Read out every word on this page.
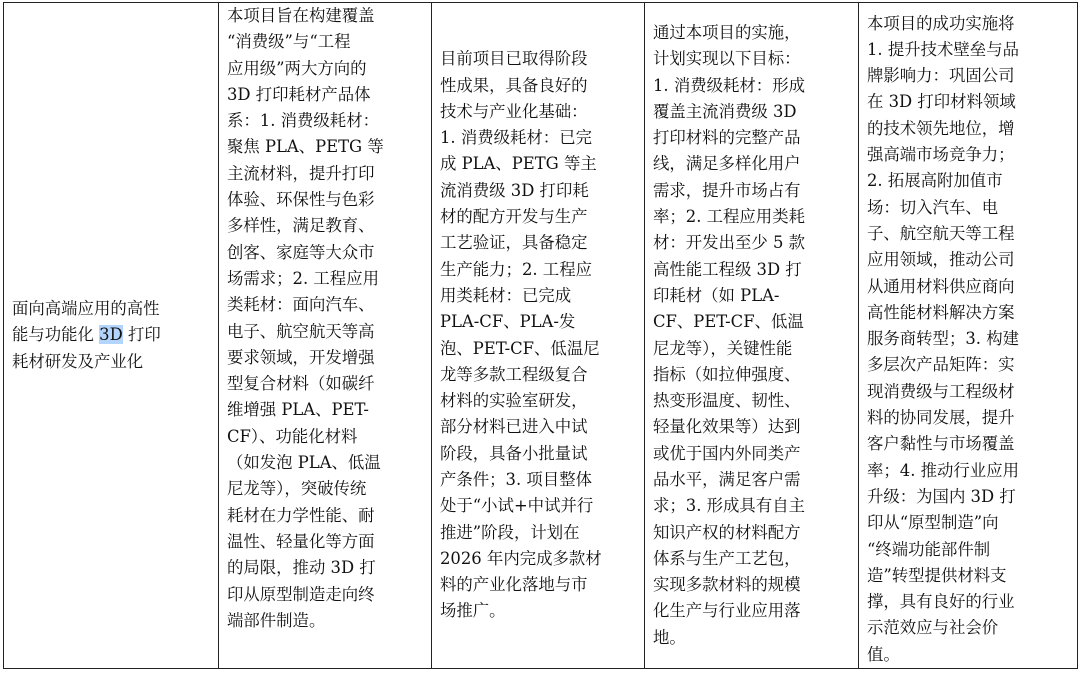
面向高端应用的高性
能与功能化 3D 打印
耗材研发及产业化	本项目旨在构建覆盖
“消费级”与“工程
应用级”两大方向的
3D 打印耗材产品体
系：1. 消费级耗材：
聚焦 PLA、PETG 等
主流材料，提升打印
体验、环保性与色彩
多样性，满足教育、
创客、家庭等大众市
场需求；2. 工程应用
类耗材：面向汽车、
电子、航空航天等高
要求领域，开发增强
型复合材料（如碳纤
维增强 PLA、PET-
CF）、功能化材料
（如发泡 PLA、低温
尼龙等），突破传统
耗材在力学性能、耐
温性、轻量化等方面
的局限，推动 3D 打
印从原型制造走向终
端部件制造。	目前项目已取得阶段
性成果，具备良好的
技术与产业化基础：
1. 消费级耗材：已完
成 PLA、PETG 等主
流消费级 3D 打印耗
材的配方开发与生产
工艺验证，具备稳定
生产能力；2. 工程应
用类耗材：已完成
PLA-CF、PLA-发
泡、PET-CF、低温尼
龙等多款工程级复合
材料的实验室研发，
部分材料已进入中试
阶段，具备小批量试
产条件；3. 项目整体
处于“小试+中试并行
推进”阶段，计划在
2026 年内完成多款材
料的产业化落地与市
场推广。	通过本项目的实施，
计划实现以下目标：
1. 消费级耗材：形成
覆盖主流消费级 3D
打印材料的完整产品
线，满足多样化用户
需求，提升市场占有
率；2. 工程应用类耗
材：开发出至少 5 款
高性能工程级 3D 打
印耗材（如 PLA-
CF、PET-CF、低温
尼龙等），关键性能
指标（如拉伸强度、
热变形温度、韧性、
轻量化效果等）达到
或优于国内外同类产
品水平，满足客户需
求；3. 形成具有自主
知识产权的材料配方
体系与生产工艺包，
实现多款材料的规模
化生产与行业应用落
地。	本项目的成功实施将
1. 提升技术壁垒与品
牌影响力：巩固公司
在 3D 打印材料领域
的技术领先地位，增
强高端市场竞争力；
2. 拓展高附加值市
场：切入汽车、电
子、航空航天等工程
应用领域，推动公司
从通用材料供应商向
高性能材料解决方案
服务商转型；3. 构建
多层次产品矩阵：实
现消费级与工程级材
料的协同发展，提升
客户黏性与市场覆盖
率；4. 推动行业应用
升级：为国内 3D 打
印从“原型制造”向
“终端功能部件制
造”转型提供材料支
撑，具有良好的行业
示范效应与社会价
值。
